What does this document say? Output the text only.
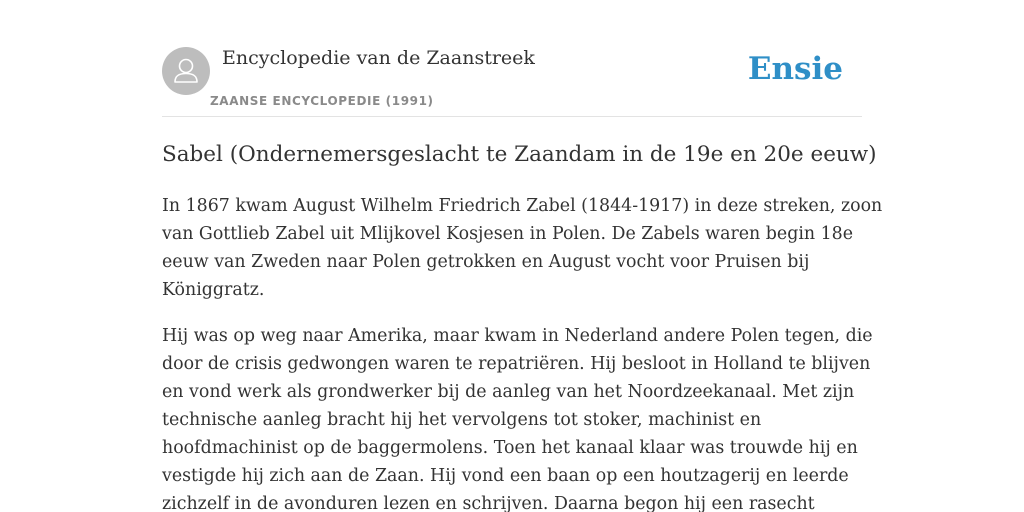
Encyclopedie van de Zaanstreek
ZAANSE ENCYCLOPEDIE (1991)
Ensie
Sabel (Ondernemersgeslacht te Zaandam in de 19e en 20e eeuw)

In 1867 kwam August Wilhelm Friedrich Zabel (1844-1917) in deze streken, zoon
van Gottlieb Zabel uit Mlijkovel Kosjesen in Polen. De Zabels waren begin 18e
eeuw van Zweden naar Polen getrokken en August vocht voor Pruisen bij
Königgratz.

Hij was op weg naar Amerika, maar kwam in Nederland andere Polen tegen, die
door de crisis gedwongen waren te repatriëren. Hij besloot in Holland te blijven
en vond werk als grondwerker bij de aanleg van het Noordzeekanaal. Met zijn
technische aanleg bracht hij het vervolgens tot stoker, machinist en
hoofdmachinist op de baggermolens. Toen het kanaal klaar was trouwde hij en
vestigde hij zich aan de Zaan. Hij vond een baan op een houtzagerij en leerde
zichzelf in de avonduren lezen en schrijven. Daarna begon hij een rasecht
